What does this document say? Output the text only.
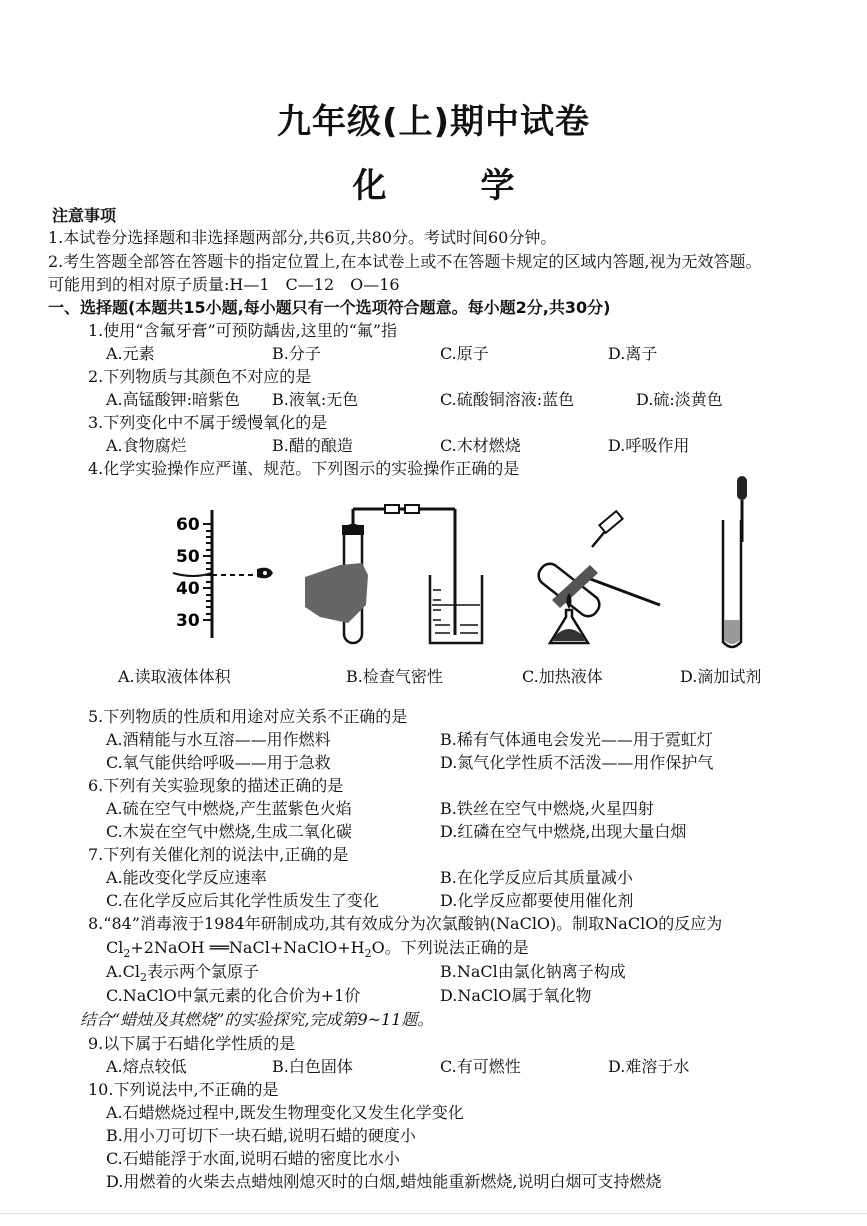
九年级(上)期中试卷
化　学
注意事项
1.本试卷分选择题和非选择题两部分,共6页,共80分。考试时间60分钟。
2.考生答题全部答在答题卡的指定位置上,在本试卷上或不在答题卡规定的区域内答题,视为无效答题。
可能用到的相对原子质量:H—1　C—12　O—16
一、选择题(本题共15小题,每小题只有一个选项符合题意。每小题2分,共30分)
1.使用“含氟牙膏”可预防龋齿,这里的“氟”指
A.元素	B.分子	C.原子	D.离子
2.下列物质与其颜色不对应的是
A.高锰酸钾:暗紫色 B.液氧:无色	C.硫酸铜溶液:蓝色	D.硫:淡黄色
3.下列变化中不属于缓慢氧化的是
A.食物腐烂	B.醋的酿造	C.木材燃烧	D.呼吸作用
4.化学实验操作应严谨、规范。下列图示的实验操作正确的是
60
50
40
30
A.读取液体体积	B.检查气密性	C.加热液体	D.滴加试剂
5.下列物质的性质和用途对应关系不正确的是
A.酒精能与水互溶——用作燃料	B.稀有气体通电会发光——用于霓虹灯
C.氧气能供给呼吸——用于急救	D.氮气化学性质不活泼——用作保护气
6.下列有关实验现象的描述正确的是
A.硫在空气中燃烧,产生蓝紫色火焰	B.铁丝在空气中燃烧,火星四射
C.木炭在空气中燃烧,生成二氧化碳	D.红磷在空气中燃烧,出现大量白烟
7.下列有关催化剂的说法中,正确的是
A.能改变化学反应速率	B.在化学反应后其质量减小
C.在化学反应后其化学性质发生了变化	D.化学反应都要使用催化剂
8.“84”消毒液于1984年研制成功,其有效成分为次氯酸钠(NaClO)。制取NaClO的反应为
$Cl_2+2NaOH$ $══NaCl+NaClO+H_2O$。下列说法正确的是
$A.Cl_2$表示两个氯原子	B.NaCl由氯化钠离子构成
C.NaClO中氯元素的化合价为+1价	D.NaClO属于氧化物
结合“蜡烛及其燃烧”的实验探究,完成第9~11题。
9.以下属于石蜡化学性质的是
A.熔点较低	B.白色固体	C.有可燃性	D.难溶于水
10.下列说法中,不正确的是
A.石蜡燃烧过程中,既发生物理变化又发生化学变化
B.用小刀可切下一块石蜡,说明石蜡的硬度小
C.石蜡能浮于水面,说明石蜡的密度比水小
D.用燃着的火柴去点蜡烛刚熄灭时的白烟,蜡烛能重新燃烧,说明白烟可支持燃烧
